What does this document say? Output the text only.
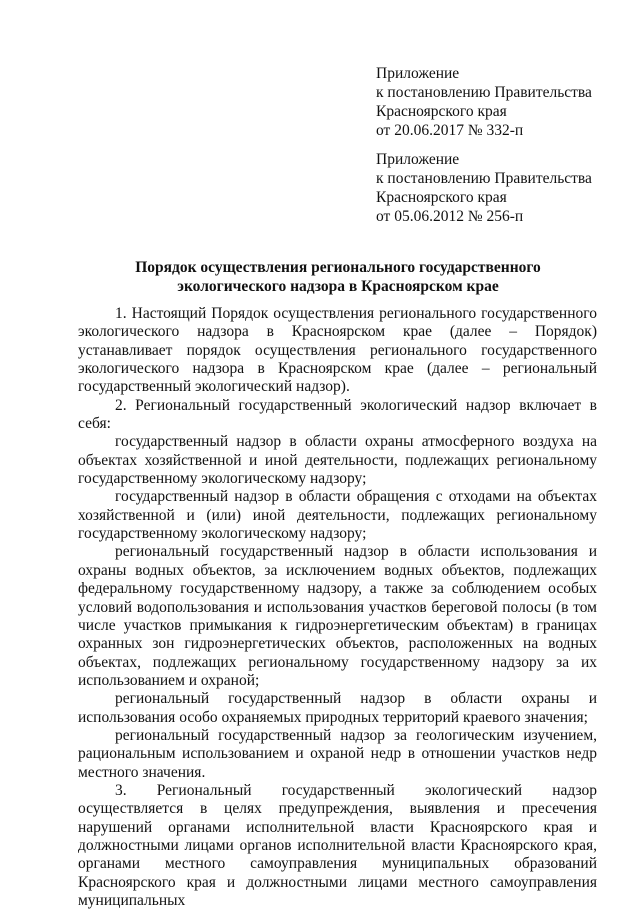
Приложение
к постановлению Правительства
Красноярского края
от 20.06.2017 № 332-п
Приложение
к постановлению Правительства
Красноярского края
от 05.06.2012 № 256-п
Порядок осуществления регионального государственного
экологического надзора в Красноярском крае

1. Настоящий Порядок осуществления регионального государственного экологического надзора в Красноярском крае (далее – Порядок) устанавливает порядок осуществления регионального государственного экологического надзора в Красноярском крае (далее – региональный государственный экологический надзор).

2. Региональный государственный экологический надзор включает в себя:

государственный надзор в области охраны атмосферного воздуха на объектах хозяйственной и иной деятельности, подлежащих региональному государственному экологическому надзору;

государственный надзор в области обращения с отходами на объектах хозяйственной и (или) иной деятельности, подлежащих региональному государственному экологическому надзору;

региональный государственный надзор в области использования и охраны водных объектов, за исключением водных объектов, подлежащих федеральному государственному надзору, а также за соблюдением особых условий водопользования и использования участков береговой полосы (в том числе участков примыкания к гидроэнергетическим объектам) в границах охранных зон гидроэнергетических объектов, расположенных на водных объектах, подлежащих региональному государственному надзору за их использованием и охраной;

региональный государственный надзор в области охраны и использования особо охраняемых природных территорий краевого значения;

региональный государственный надзор за геологическим изучением, рациональным использованием и охраной недр в отношении участков недр местного значения.

3. Региональный государственный экологический надзор осуществляется в целях предупреждения, выявления и пресечения нарушений органами исполнительной власти Красноярского края и должностными лицами органов исполнительной власти Красноярского края, органами местного самоуправления муниципальных образований Красноярского края и должностными лицами местного самоуправления муниципальных
